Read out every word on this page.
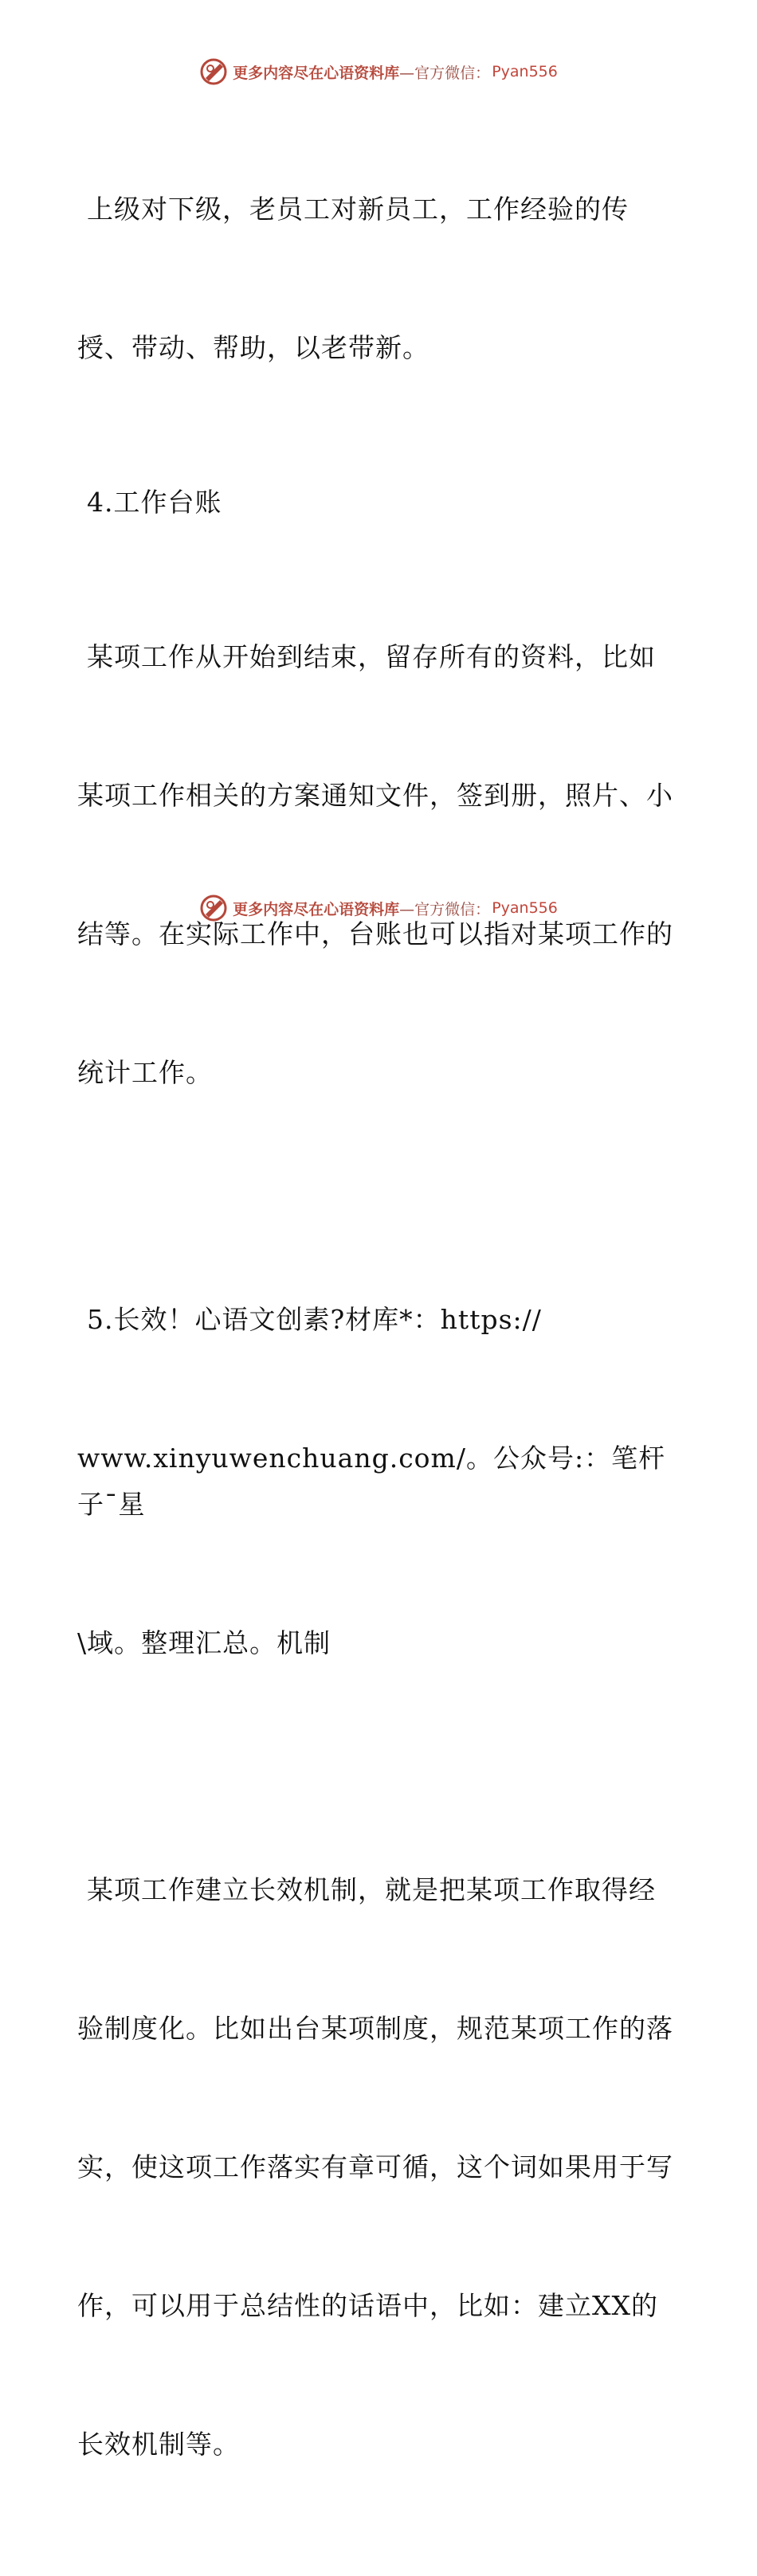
更多内容尽在心语资料库 —官方微信： Pyan556

上级对下级，老员工对新员工，工作经验的传

授、带动、帮助，以老带新。

4.工作台账

某项工作从开始到结束，留存所有的资料，比如

某项工作相关的方案通知文件，签到册，照片、小

结等。在实际工作中，台账也可以指对某项工作的

统计工作。

5.长效！心语文创素?材库*：https://

www.xinyuwenchuang.com/。公众号:：笔杆子¯星

\域。整理汇总。机制

某项工作建立长效机制，就是把某项工作取得经

验制度化。比如出台某项制度，规范某项工作的落

实，使这项工作落实有章可循，这个词如果用于写

作，可以用于总结性的话语中，比如：建立XX的

长效机制等。

更多内容尽在心语资料库 —官方微信： Pyan556
